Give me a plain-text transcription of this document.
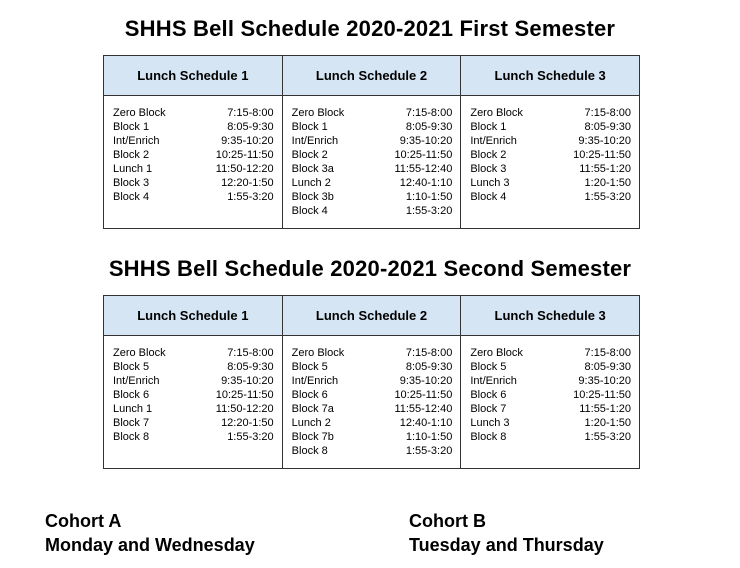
SHHS Bell Schedule 2020-2021 First Semester
Lunch Schedule 1	Lunch Schedule 2	Lunch Schedule 3
Zero Block	7:15-8:00
Block 1	8:05-9:30
Int/Enrich	9:35-10:20
Block 2	10:25-11:50
Lunch 1	11:50-12:20
Block 3	12:20-1:50
Block 4	1:55-3:20
Zero Block	7:15-8:00
Block 1	8:05-9:30
Int/Enrich	9:35-10:20
Block 2	10:25-11:50
Block 3a	11:55-12:40
Lunch 2	12:40-1:10
Block 3b	1:10-1:50
Block 4	1:55-3:20
Zero Block	7:15-8:00
Block 1	8:05-9:30
Int/Enrich	9:35-10:20
Block 2	10:25-11:50
Block 3	11:55-1:20
Lunch 3	1:20-1:50
Block 4	1:55-3:20
SHHS Bell Schedule 2020-2021 Second Semester
Lunch Schedule 1	Lunch Schedule 2	Lunch Schedule 3
Zero Block	7:15-8:00
Block 5	8:05-9:30
Int/Enrich	9:35-10:20
Block 6	10:25-11:50
Lunch 1	11:50-12:20
Block 7	12:20-1:50
Block 8	1:55-3:20
Zero Block	7:15-8:00
Block 5	8:05-9:30
Int/Enrich	9:35-10:20
Block 6	10:25-11:50
Block 7a	11:55-12:40
Lunch 2	12:40-1:10
Block 7b	1:10-1:50
Block 8	1:55-3:20
Zero Block	7:15-8:00
Block 5	8:05-9:30
Int/Enrich	9:35-10:20
Block 6	10:25-11:50
Block 7	11:55-1:20
Lunch 3	1:20-1:50
Block 8	1:55-3:20
Cohort A
Monday and Wednesday
Cohort B
Tuesday and Thursday
